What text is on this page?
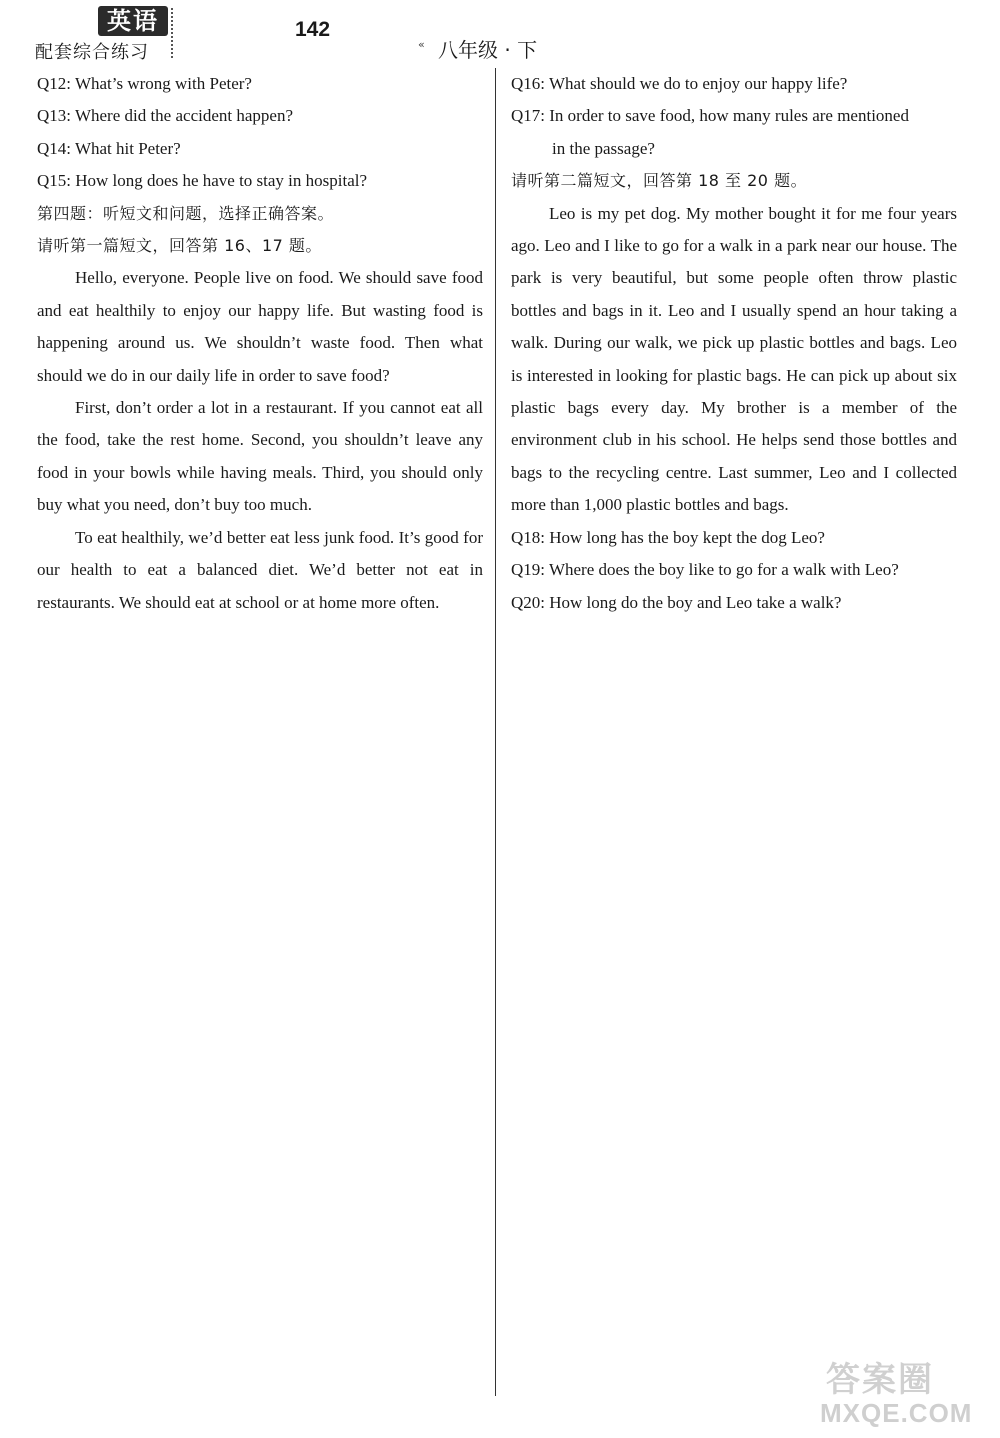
英语
配套综合练习
142
« 八年级 · 下

Q12: What’s wrong with Peter?

Q13: Where did the accident happen?

Q14: What hit Peter?

Q15: How long does he have to stay in hospital?

第四题：听短文和问题，选择正确答案。

请听第一篇短文，回答第 16、17 题。

Hello, everyone. People live on food. We should save food and eat healthily to enjoy our happy life. But wasting food is happening around us. We shouldn’t waste food. Then what should we do in our daily life in order to save food?

First, don’t order a lot in a restaurant. If you cannot eat all the food, take the rest home. Second, you shouldn’t leave any food in your bowls while having meals. Third, you should only buy what you need, don’t buy too much.

To eat healthily, we’d better eat less junk food. It’s good for our health to eat a balanced diet. We’d better not eat in restaurants. We should eat at school or at home more often.

Q16: What should we do to enjoy our happy life?

Q17: In order to save food, how many rules are mentioned

in the passage?

请听第二篇短文，回答第 18 至 20 题。

Leo is my pet dog. My mother bought it for me four years ago. Leo and I like to go for a walk in a park near our house. The park is very beautiful, but some people often throw plastic bottles and bags in it. Leo and I usually spend an hour taking a walk. During our walk, we pick up plastic bottles and bags. Leo is interested in looking for plastic bags. He can pick up about six plastic bags every day. My brother is a member of the environment club in his school. He helps send those bottles and bags to the recycling centre. Last summer, Leo and I collected more than 1,000 plastic bottles and bags.

Q18: How long has the boy kept the dog Leo?

Q19: Where does the boy like to go for a walk with Leo?

Q20: How long do the boy and Leo take a walk?

答案圈
MXQE.COM
